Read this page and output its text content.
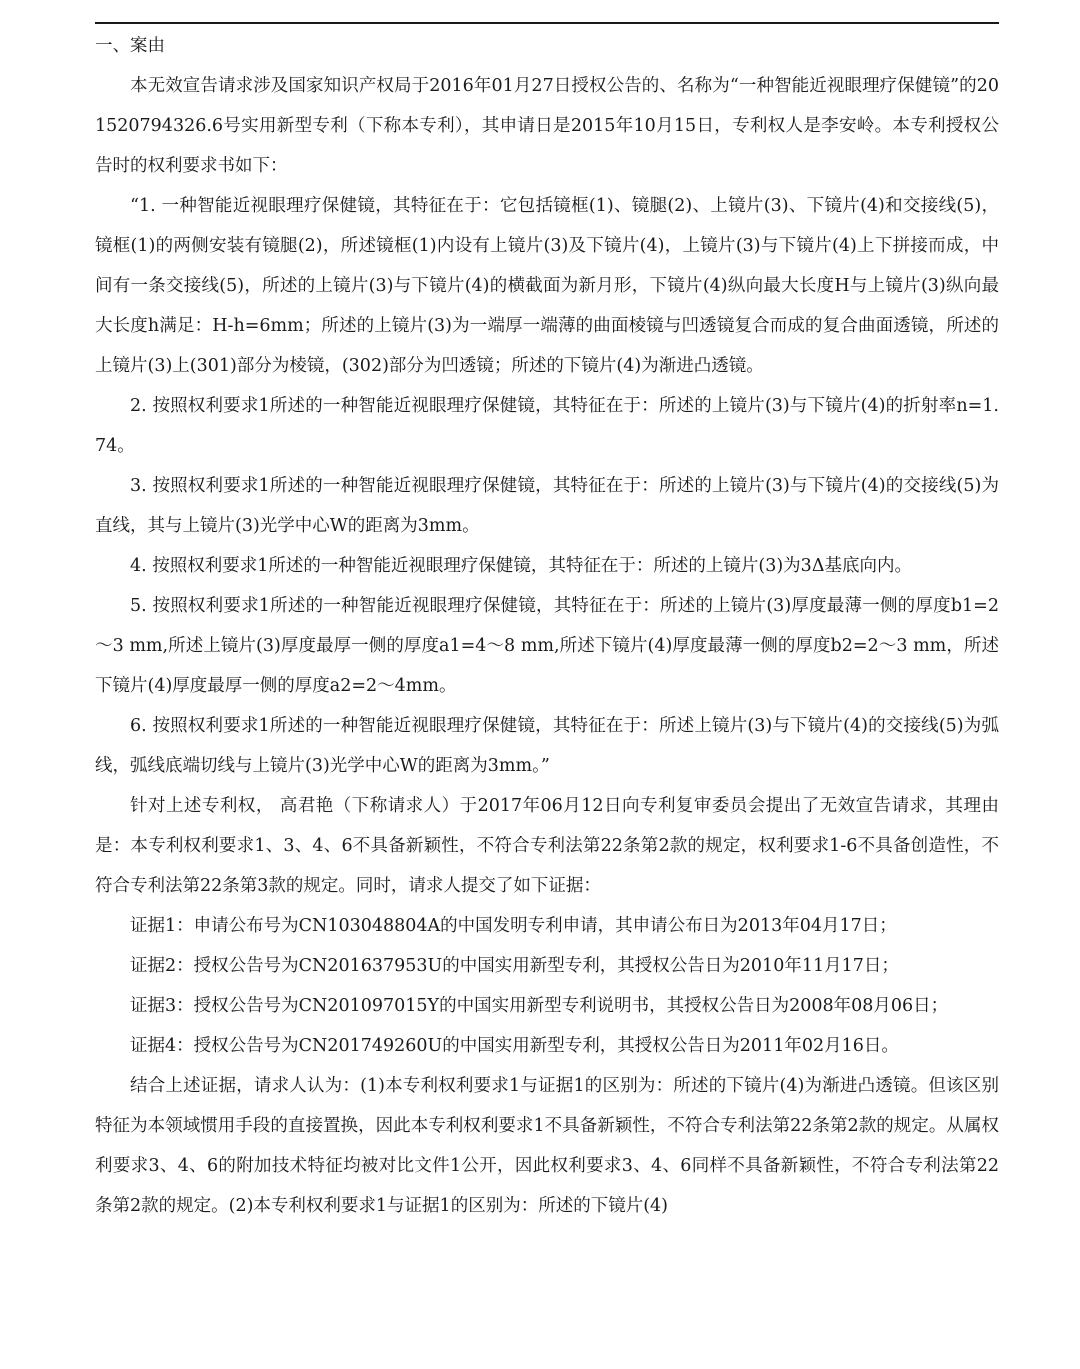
一、案由

本无效宣告请求涉及国家知识产权局于2016年01月27日授权公告的、名称为“一种智能近视眼理疗保健镜”的201520794326.6号实用新型专利（下称本专利），其申请日是2015年10月15日，专利权人是李安岭。本专利授权公告时的权利要求书如下：

“1. 一种智能近视眼理疗保健镜，其特征在于：它包括镜框(1)、镜腿(2)、上镜片(3)、下镜片(4)和交接线(5)，镜框(1)的两侧安装有镜腿(2)，所述镜框(1)内设有上镜片(3)及下镜片(4)，上镜片(3)与下镜片(4)上下拼接而成，中间有一条交接线(5)，所述的上镜片(3)与下镜片(4)的横截面为新月形，下镜片(4)纵向最大长度H与上镜片(3)纵向最大长度h满足：H-h=6mm；所述的上镜片(3)为一端厚一端薄的曲面棱镜与凹透镜复合而成的复合曲面透镜，所述的上镜片(3)上(301)部分为棱镜，(302)部分为凹透镜；所述的下镜片(4)为渐进凸透镜。

2. 按照权利要求1所述的一种智能近视眼理疗保健镜，其特征在于：所述的上镜片(3)与下镜片(4)的折射率n=1.74。

3. 按照权利要求1所述的一种智能近视眼理疗保健镜，其特征在于：所述的上镜片(3)与下镜片(4)的交接线(5)为直线，其与上镜片(3)光学中心W的距离为3mm。

4. 按照权利要求1所述的一种智能近视眼理疗保健镜，其特征在于：所述的上镜片(3)为3Δ基底向内。

5. 按照权利要求1所述的一种智能近视眼理疗保健镜，其特征在于：所述的上镜片(3)厚度最薄一侧的厚度b1=2～3 mm,所述上镜片(3)厚度最厚一侧的厚度a1=4～8 mm,所述下镜片(4)厚度最薄一侧的厚度b2=2～3 mm，所述下镜片(4)厚度最厚一侧的厚度a2=2～4mm。

6. 按照权利要求1所述的一种智能近视眼理疗保健镜，其特征在于：所述上镜片(3)与下镜片(4)的交接线(5)为弧线，弧线底端切线与上镜片(3)光学中心W的距离为3mm。”

针对上述专利权， 高君艳（下称请求人）于2017年06月12日向专利复审委员会提出了无效宣告请求，其理由是：本专利权利要求1、3、4、6不具备新颖性，不符合专利法第22条第2款的规定，权利要求1-6不具备创造性，不符合专利法第22条第3款的规定。同时，请求人提交了如下证据：

证据1：申请公布号为CN103048804A的中国发明专利申请，其申请公布日为2013年04月17日；

证据2：授权公告号为CN201637953U的中国实用新型专利，其授权公告日为2010年11月17日；

证据3：授权公告号为CN201097015Y的中国实用新型专利说明书，其授权公告日为2008年08月06日；

证据4：授权公告号为CN201749260U的中国实用新型专利，其授权公告日为2011年02月16日。

结合上述证据，请求人认为：(1)本专利权利要求1与证据1的区别为：所述的下镜片(4)为渐进凸透镜。但该区别特征为本领域惯用手段的直接置换，因此本专利权利要求1不具备新颖性，不符合专利法第22条第2款的规定。从属权利要求3、4、6的附加技术特征均被对比文件1公开，因此权利要求3、4、6同样不具备新颖性，不符合专利法第22条第2款的规定。(2)本专利权利要求1与证据1的区别为：所述的下镜片(4)
